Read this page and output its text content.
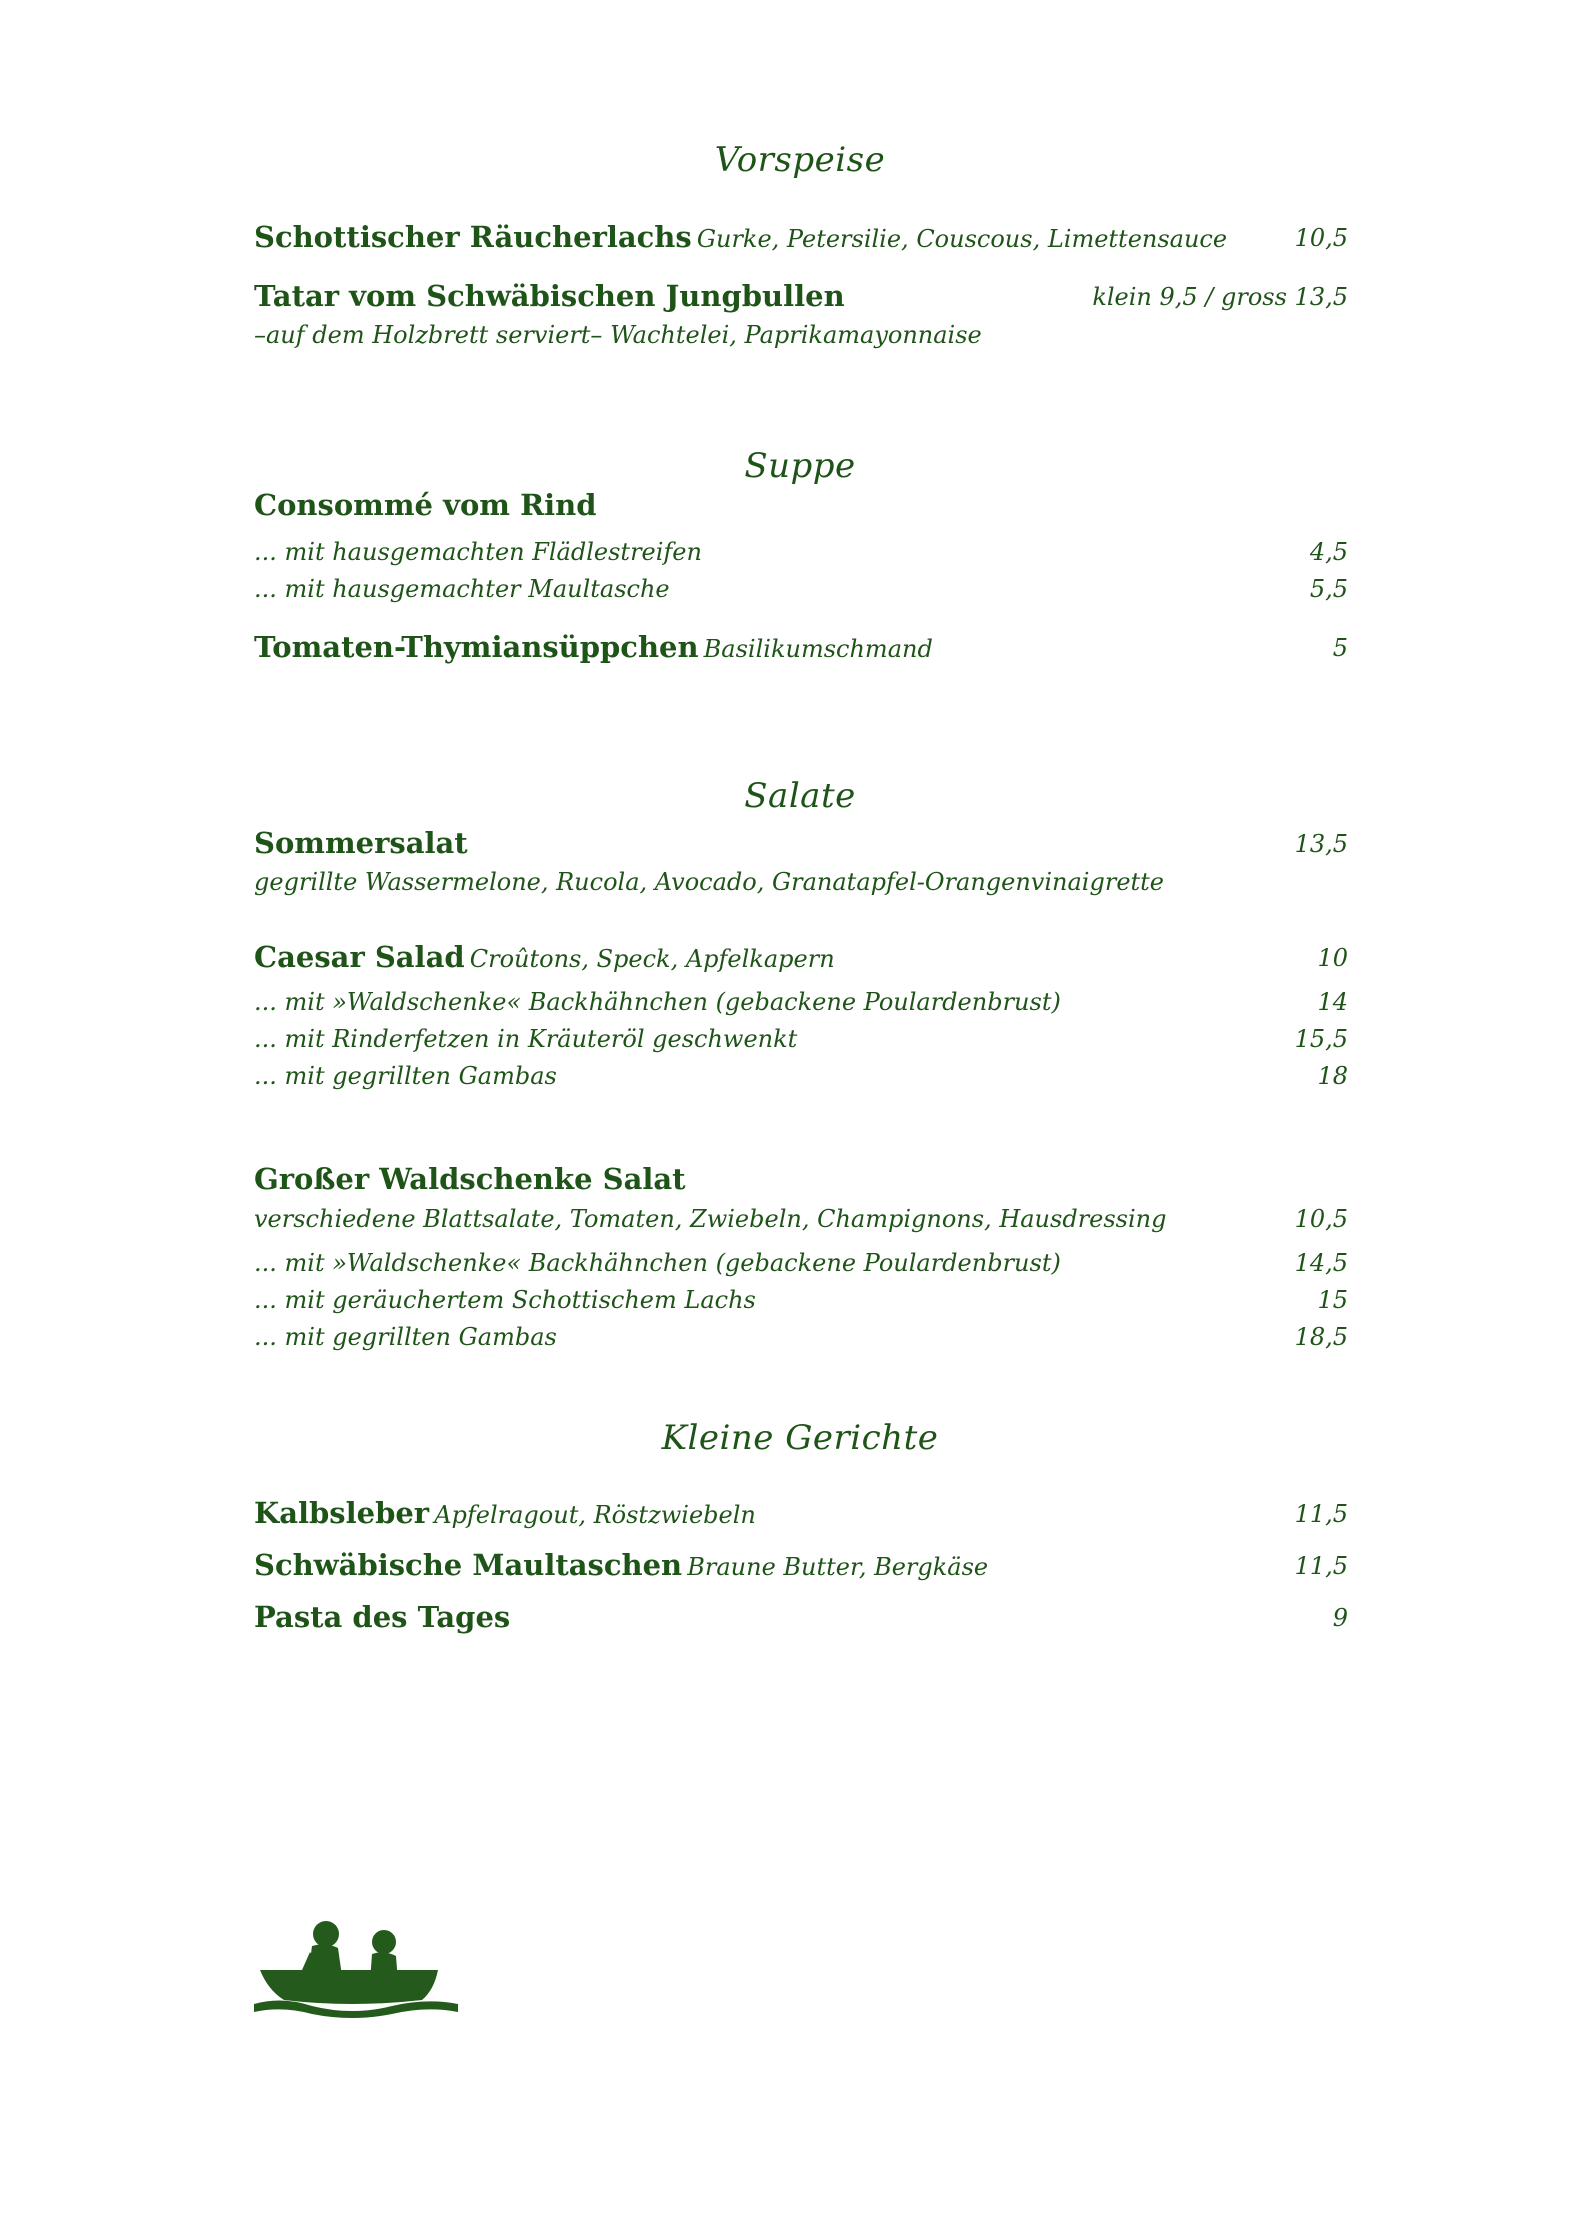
Vorspeise
Schottischer Räucherlachs Gurke, Petersilie, Couscous, Limettensauce	10,5
Tatar vom Schwäbischen Jungbullen	klein 9,5 / gross 13,5
–auf dem Holzbrett serviert– Wachtelei, Paprikamayonnaise
Suppe
Consommé vom Rind
... mit hausgemachten Flädlestreifen	4,5
... mit hausgemachter Maultasche	5,5
Tomaten-Thymiansüppchen Basilikumschmand	5
Salate
Sommersalat	13,5
gegrillte Wassermelone, Rucola, Avocado, Granatapfel-Orangenvinaigrette
Caesar Salad Croûtons, Speck, Apfelkapern	10
... mit »Waldschenke« Backhähnchen (gebackene Poulardenbrust)	14
... mit Rinderfetzen in Kräuteröl geschwenkt	15,5
... mit gegrillten Gambas	18
Großer Waldschenke Salat
verschiedene Blattsalate, Tomaten, Zwiebeln, Champignons, Hausdressing	10,5
... mit »Waldschenke« Backhähnchen (gebackene Poulardenbrust)	14,5
... mit geräuchertem Schottischem Lachs	15
... mit gegrillten Gambas	18,5
Kleine Gerichte
Kalbsleber Apfelragout, Röstzwiebeln	11,5
Schwäbische Maultaschen Braune Butter, Bergkäse	11,5
Pasta des Tages	9
